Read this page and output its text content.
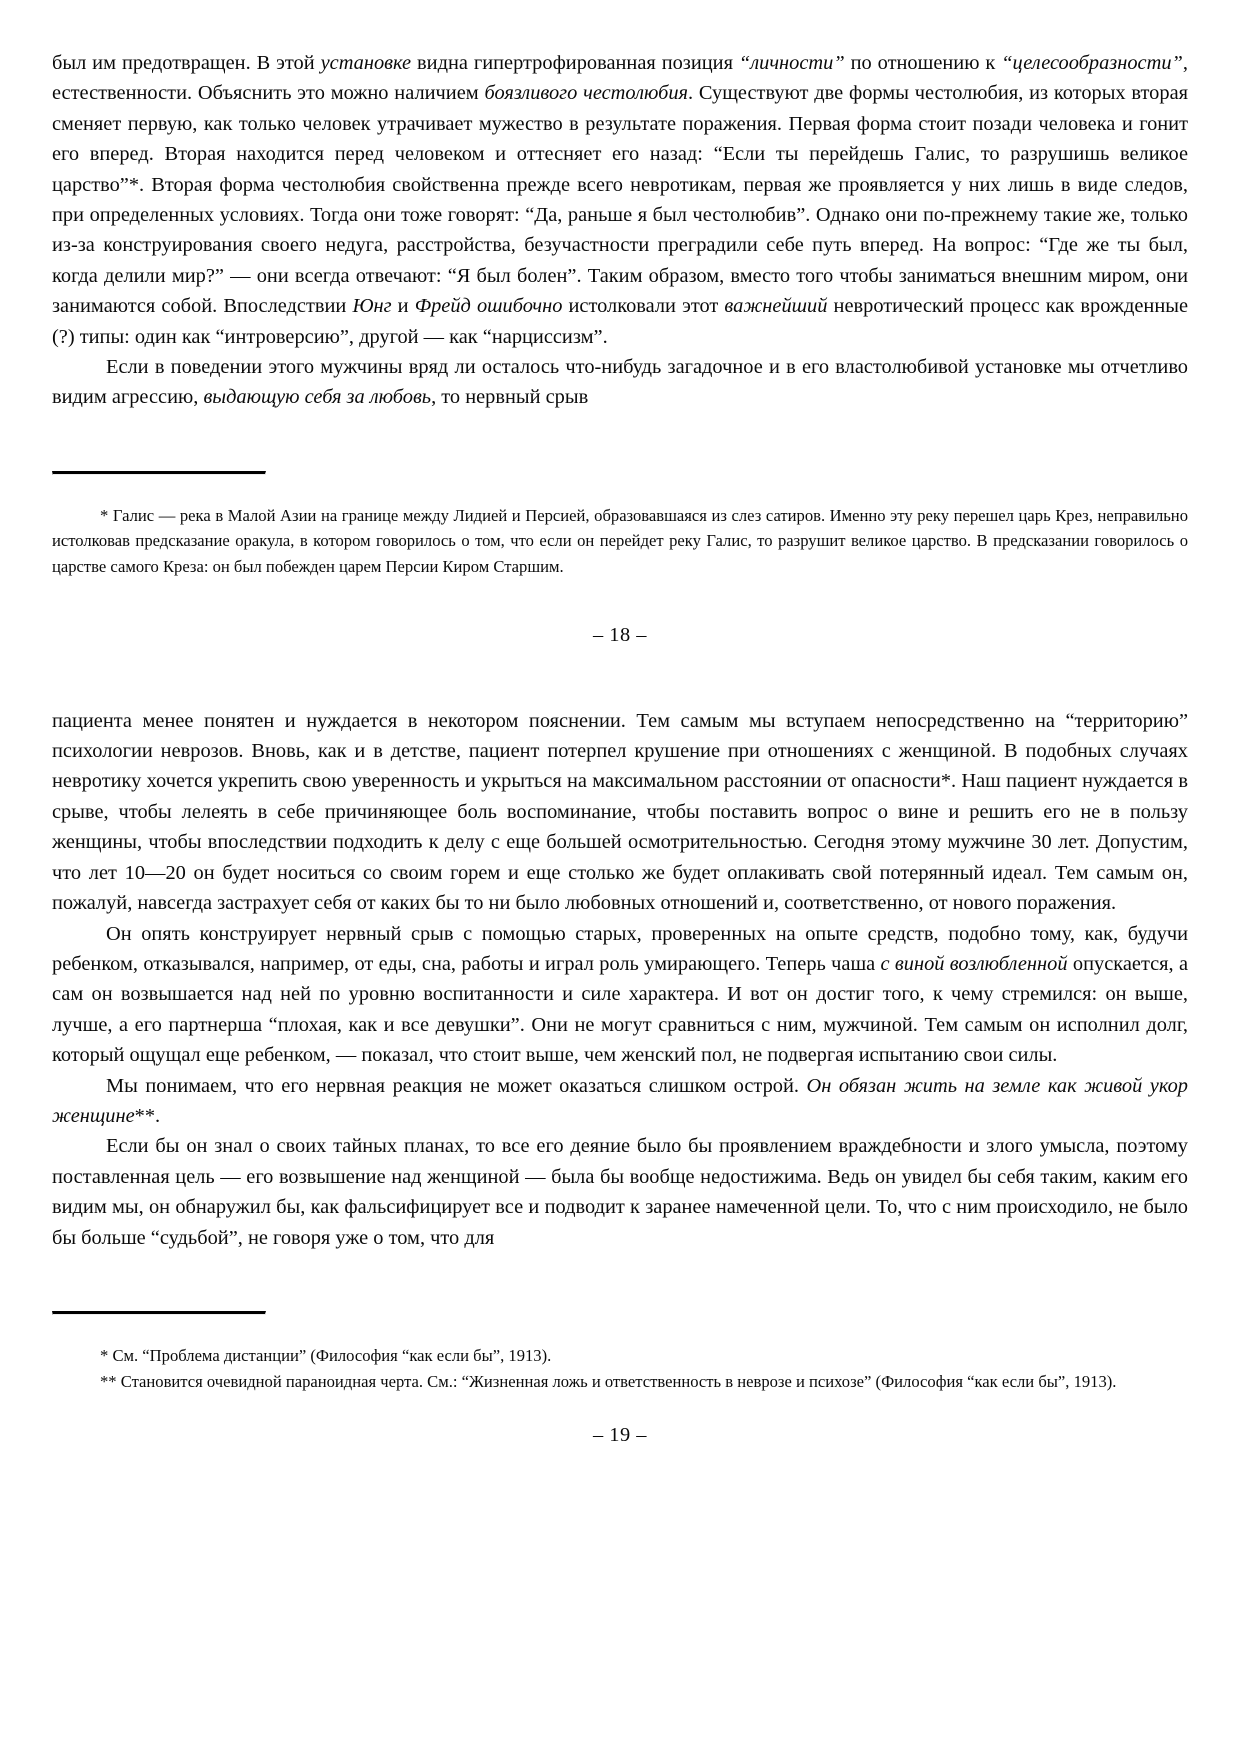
был им предотвращен. В этой установке видна гипертрофированная позиция “личности” по отношению к “целесообразности”, естественности. Объяснить это можно наличием боязливого честолюбия. Существуют две формы честолюбия, из которых вторая сменяет первую, как только человек утрачивает мужество в результате поражения. Первая форма стоит позади человека и гонит его вперед. Вторая находится перед человеком и оттесняет его назад: “Если ты перейдешь Галис, то разрушишь великое царство”*. Вторая форма честолюбия свойственна прежде всего невротикам, первая же проявляется у них лишь в виде следов, при определенных условиях. Тогда они тоже говорят: “Да, раньше я был честолюбив”. Однако они по-прежнему такие же, только из-за конструирования своего недуга, расстройства, безучастности преградили себе путь вперед. На вопрос: “Где же ты был, когда делили мир?” — они всегда отвечают: “Я был болен”. Таким образом, вместо того чтобы заниматься внешним миром, они занимаются собой. Впоследствии Юнг и Фрейд ошибочно истолковали этот важнейший невротический процесс как врожденные (?) типы: один как “интроверсию”, другой — как “нарциссизм”.

Если в поведении этого мужчины вряд ли осталось что-нибудь загадочное и в его властолюбивой установке мы отчетливо видим агрессию, выдающую себя за любовь, то нервный срыв

* Галис — река в Малой Азии на границе между Лидией и Персией, образовавшаяся из слез сатиров. Именно эту реку перешел царь Крез, неправильно истолковав предсказание оракула, в котором говорилось о том, что если он перейдет реку Галис, то разрушит великое царство. В предсказании говорилось о царстве самого Креза: он был побежден царем Персии Киром Старшим.

– 18 –

пациента менее понятен и нуждается в некотором пояснении. Тем самым мы вступаем непосредственно на “территорию” психологии неврозов. Вновь, как и в детстве, пациент потерпел крушение при отношениях с женщиной. В подобных случаях невротику хочется укрепить свою уверенность и укрыться на максимальном расстоянии от опасности*. Наш пациент нуждается в срыве, чтобы лелеять в себе причиняющее боль воспоминание, чтобы поставить вопрос о вине и решить его не в пользу женщины, чтобы впоследствии подходить к делу с еще большей осмотрительностью. Сегодня этому мужчине 30 лет. Допустим, что лет 10—20 он будет носиться со своим горем и еще столько же будет оплакивать свой потерянный идеал. Тем самым он, пожалуй, навсегда застрахует себя от каких бы то ни было любовных отношений и, соответственно, от нового поражения.

Он опять конструирует нервный срыв с помощью старых, проверенных на опыте средств, подобно тому, как, будучи ребенком, отказывался, например, от еды, сна, работы и играл роль умирающего. Теперь чаша с виной возлюбленной опускается, а сам он возвышается над ней по уровню воспитанности и силе характера. И вот он достиг того, к чему стремился: он выше, лучше, а его партнерша “плохая, как и все девушки”. Они не могут сравниться с ним, мужчиной. Тем самым он исполнил долг, который ощущал еще ребенком, — показал, что стоит выше, чем женский пол, не подвергая испытанию свои силы.

Мы понимаем, что его нервная реакция не может оказаться слишком острой. Он обязан жить на земле как живой укор женщине**.

Если бы он знал о своих тайных планах, то все его деяние было бы проявлением враждебности и злого умысла, поэтому поставленная цель — его возвышение над женщиной — была бы вообще недостижима. Ведь он увидел бы себя таким, каким его видим мы, он обнаружил бы, как фальсифицирует все и подводит к заранее намеченной цели. То, что с ним происходило, не было бы больше “судьбой”, не говоря уже о том, что для

* См. “Проблема дистанции” (Философия “как если бы”, 1913).

** Становится очевидной параноидная черта. См.: “Жизненная ложь и ответственность в неврозе и психозе” (Философия “как если бы”, 1913).

– 19 –
